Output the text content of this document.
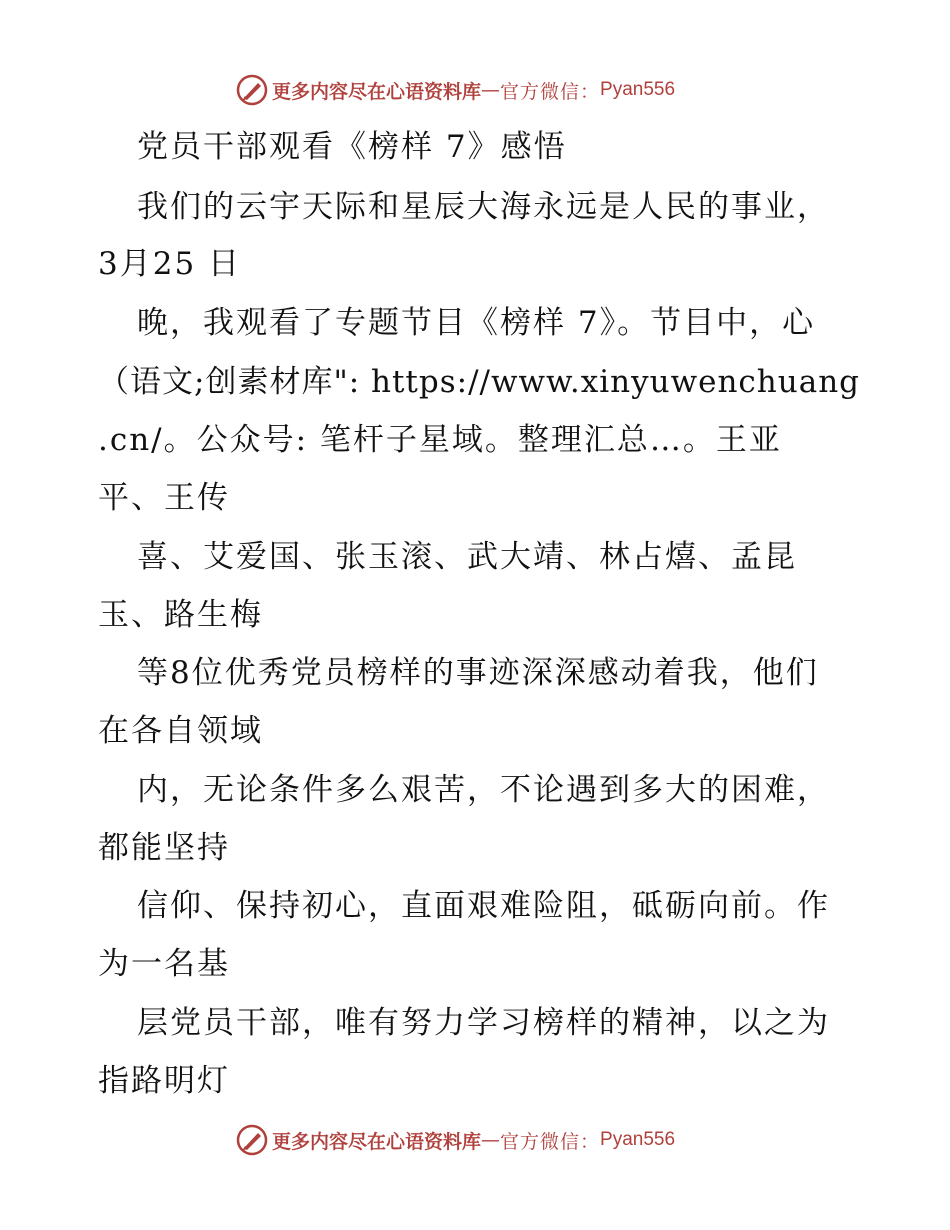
更多内容尽在心语资料库 — 官方微信： Pyan556
党员干部观看《榜样 7》感悟
我们的云宇天际和星辰大海永远是人民的事业，
3月25 日
晚，我观看了专题节目《榜样 7》。节目中，心
（语文;创素材库": https://www.xinyuwenchuang
.cn/。公众号: 笔杆子星域。整理汇总…。王亚
平、王传
喜、艾爱国、张玉滚、武大靖、林占熺、孟昆
玉、路生梅
等8位优秀党员榜样的事迹深深感动着我，他们
在各自领域
内，无论条件多么艰苦，不论遇到多大的困难，
都能坚持
信仰、保持初心，直面艰难险阻，砥砺向前。作
为一名基
层党员干部，唯有努力学习榜样的精神，以之为
指路明灯
更多内容尽在心语资料库 — 官方微信： Pyan556
